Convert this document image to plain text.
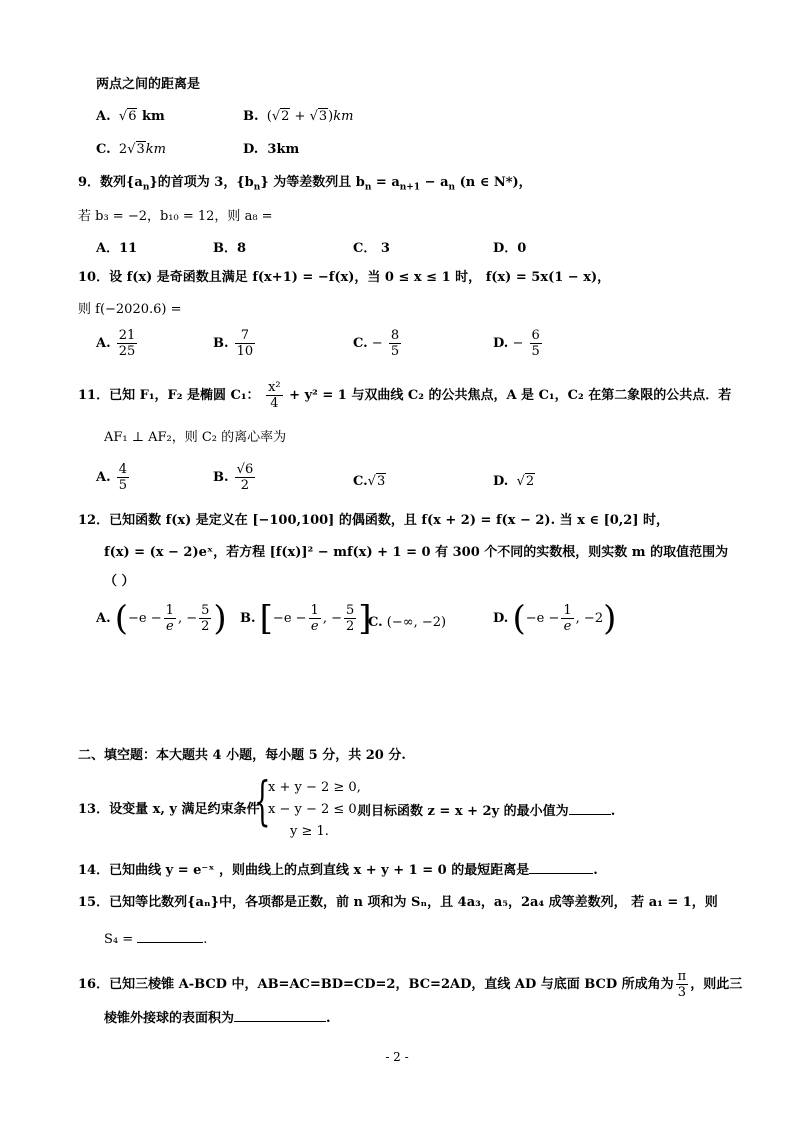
两点之间的距离是
A.  √6 km	B.  (√2 + √3)km
C. 2√3km	D. 3km
9．数列$\{a_n\}$的首项为 3，$\{b_n\}$ 为等差数列且 $b_n = a_{n+1} - a_n$ (n ∈ N*)，
若 b₃ = −2，b₁₀ = 12，则 a₈ =
A．11	B．8	C． 3	D．0
10．设 f(x) 是奇函数且满足 f(x+1) = −f(x)，当 0 ≤ x ≤ 1 时， f(x) = 5x(1 − x)，
则 f(−2020.6) =
A. $\frac{21}{25}$	B. $\frac{7}{10}$	C. − $\frac{8}{5}$	D. − $\frac{6}{5}$
11．已知 F₁，F₂ 是椭圆 C₁： $\frac{\text{x²}}{4} + y^2 = 1$ 与双曲线 C₂ 的公共焦点，A 是 C₁，C₂ 在第二象限的公共点．若
AF₁ ⊥ AF₂，则 C₂ 的离心率为
A. $\frac{4}{5}$	B. $\frac{√6}{2}$	C.√3	D.  √2
12．已知函数 f(x) 是定义在 [−100,100] 的偶函数，且 f(x + 2) = f(x − 2). 当 x ∈ [0,2] 时，
f(x) = (x − 2)eˣ，若方程 [f(x)]² − mf(x) + 1 = 0 有 300 个不同的实数根，则实数 m 的取值范围为
（ ）
A. ($-e - \frac{1}{e}$ , − $\frac{5}{2}$ ) B. [$-e - \frac{1}{e}$ , − $\frac{5}{2}$ ]
C. (−∞, −2)	D. ($-e - \frac{1}{e}$ , −2)
二、填空题：本大题共 4 小题，每小题 5 分，共 20 分.
{
x + y − 2 ≥ 0,
x − y − 2 ≤ 0,
y ≥ 1.
13．设变量 x, y 满足约束条件	则目标函数 z = x + 2y 的最小值为	.
14．已知曲线 y = e⁻ˣ ，则曲线上的点到直线 x + y + 1 = 0 的最短距离是	.
15．已知等比数列{aₙ}中，各项都是正数，前 n 项和为 Sₙ，且 4a₃，a₅，2a₄ 成等差数列， 若 a₁ = 1，则
S₄ =	.
16．已知三棱锥 A-BCD 中，AB=AC=BD=CD=2，BC=2AD，直线 AD 与底面 BCD 所成角为 $\frac{\pi}{3}$ ，则此三
棱锥外接球的表面积为	.
- 2 -
